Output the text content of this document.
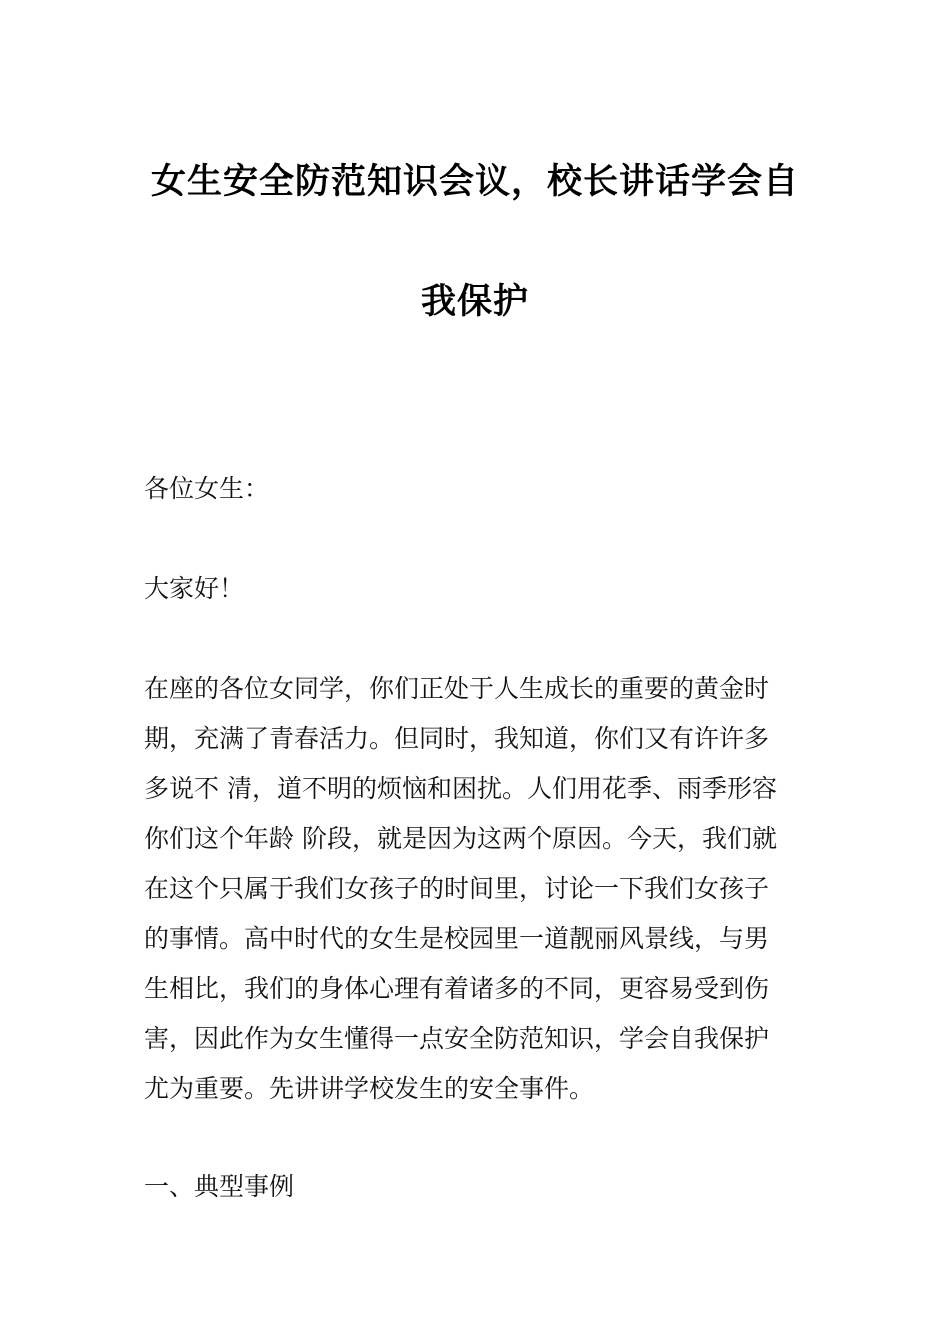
女生安全防范知识会议，校长讲话学会自
我保护

各位女生：

大家好！

在座的各位女同学，你们正处于人生成长的重要的黄金时
期，充满了青春活力。但同时，我知道，你们又有许许多
多说不 清，道不明的烦恼和困扰。人们用花季、雨季形容
你们这个年龄 阶段，就是因为这两个原因。今天，我们就
在这个只属于我们女孩子的时间里，讨论一下我们女孩子
的事情。高中时代的女生是校园里一道靓丽风景线，与男
生相比，我们的身体心理有着诸多的不同，更容易受到伤
害，因此作为女生懂得一点安全防范知识，学会自我保护
尤为重要。先讲讲学校发生的安全事件。

一、典型事例
